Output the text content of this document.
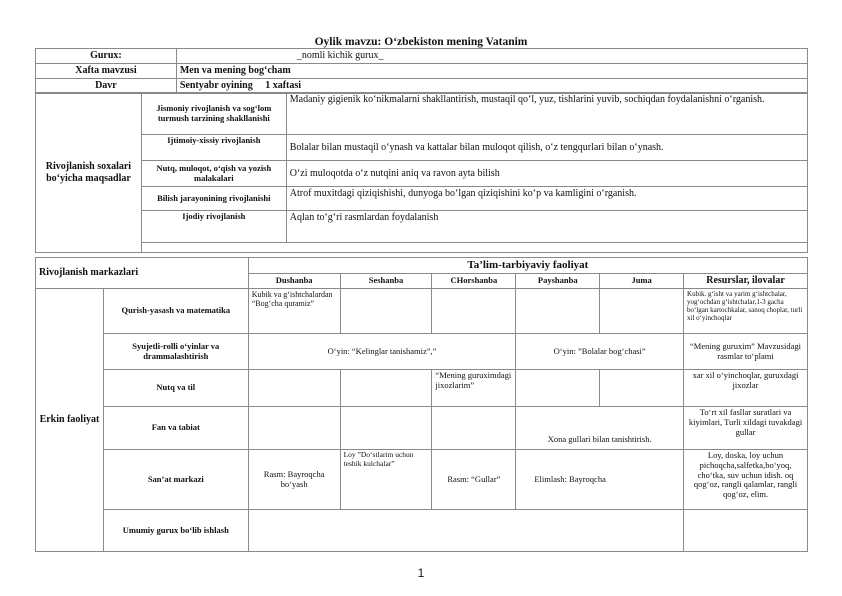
Oylik mavzu: O‘zbekiston mening Vatanim
Gurux:	_nomli kichik gurux_
Xafta mavzusi	Men va mening bog‘cham
Davr	Sentyabr oyining     1 xaftasi
Rivojlanish soxalari bo‘yicha maqsadlar	Jismoniy rivojlanish va sog‘lom turmush tarzining shakllanishi	Madaniy gigienik ko‘nikmalarni shakllantirish, mustaqil qo‘l, yuz, tishlarini yuvib, sochiqdan foydalanishni o‘rganish.
	Ijtimoiy-xissiy rivojlanish	Bolalar bilan mustaqil o‘ynash va kattalar bilan muloqot qilish, o‘z tengqurlari bilan o‘ynash.
	Nutq, muloqot, o‘qish va yozish malakalari	O‘zi muloqotda o‘z nutqini aniq va ravon ayta bilish
	Bilish jarayonining rivojlanishi	Atrof muxitdagi qiziqishishi, dunyoga bo‘lgan qiziqishini ko‘p va kamligini o‘rganish.
	Ijodiy rivojlanish	Aqlan to‘g‘ri rasmlardan foydalanish

Rivojlanish markazlari		Ta’lim-tarbiyaviy faoliyat					
		Dushanba	Seshanba	CHorshanba	Payshanba	Juma	Resurslar, ilovalar
Erkin faoliyat	Qurish-yasash va matematika	Kubik va g‘ishtchalardan “Bog‘cha quramiz”					Kubik. g‘isht va yarim g‘ishtchalar, yog‘ochdan g‘ishtchalar,1-3 gacha bo‘lgan kartochkalar, sanoq choplar, turli xil o‘yinchoqlar
	Syujetli-rolli o‘yinlar va drammalashtirish	O‘yin: “Kelinglar tanishamiz”,”			O‘yin: ”Bolalar bog‘chasi”		“Mening guruxim” Mavzusidagi rasmlar to‘plami
	Nutq va til			“Mening guruximdagi jixozlarim”			xar xil o‘yinchoqlar, guruxdagi jixozlar
	Fan va tabiat				Xona gullari bilan tanishtirish.		To‘rt xil fasllar suratlari va kiyimlari, Turli xildagi tuvakdagi gullar
	San’at markazi	Rasm: Bayroqcha bo‘yash	Loy ”Do‘stlarim uchun teshik kulchalar”	Rasm: “Gullar”	Elimlash: Bayroqcha		Loy, doska, loy uchun pichoqcha,salfetka,bo‘yoq, cho‘tka, suv uchun idish. oq qog‘oz, rangli qalamlar, rangli qog‘oz, elim.
	Umumiy gurux bo‘lib ishlash						
1
